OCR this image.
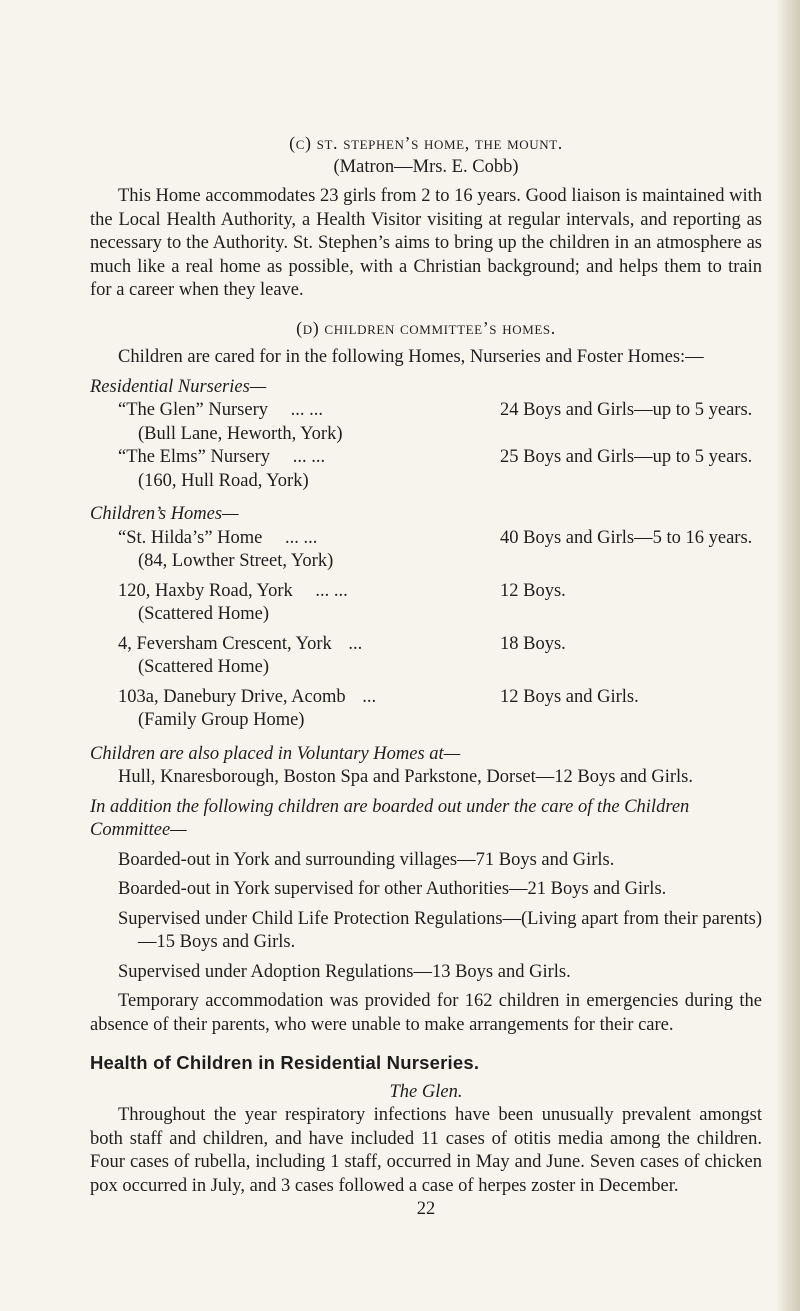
(c) st. stephen’s home, the mount.
(Matron—Mrs. E. Cobb)

This Home accommodates 23 girls from 2 to 16 years. Good liaison is maintained with the Local Health Authority, a Health Visitor visiting at regular intervals, and reporting as necessary to the Authority. St. Stephen’s aims to bring up the children in an atmosphere as much like a real home as possible, with a Christian background; and helps them to train for a career when they leave.

(d) children committee’s homes.

Children are cared for in the following Homes, Nurseries and Foster Homes:—

Residential Nurseries—
“The Glen” Nursery ... ...
(Bull Lane, Heworth, York)
24 Boys and Girls—up to 5 years.
“The Elms” Nursery ... ...
(160, Hull Road, York)
25 Boys and Girls—up to 5 years.
Children’s Homes—
“St. Hilda’s” Home ... ...
(84, Lowther Street, York)
40 Boys and Girls—5 to 16 years.
120, Haxby Road, York ... ...
(Scattered Home)
12 Boys.
4, Feversham Crescent, York ...
(Scattered Home)
18 Boys.
103a, Danebury Drive, Acomb ...
(Family Group Home)
12 Boys and Girls.
Children are also placed in Voluntary Homes at—

Hull, Knaresborough, Boston Spa and Parkstone, Dorset—12 Boys and Girls.

In addition the following children are boarded out under the care of the Children Committee—

Boarded-out in York and surrounding villages—71 Boys and Girls.

Boarded-out in York supervised for other Authorities—21 Boys and Girls.

Supervised under Child Life Protection Regulations—(Living apart from their parents)—15 Boys and Girls.

Supervised under Adoption Regulations—13 Boys and Girls.

Temporary accommodation was provided for 162 children in emergencies during the absence of their parents, who were unable to make arrangements for their care.

Health of Children in Residential Nurseries.
The Glen.

Throughout the year respiratory infections have been unusually prevalent amongst both staff and children, and have included 11 cases of otitis media among the children. Four cases of rubella, including 1 staff, occurred in May and June. Seven cases of chicken pox occurred in July, and 3 cases followed a case of herpes zoster in December.

22
